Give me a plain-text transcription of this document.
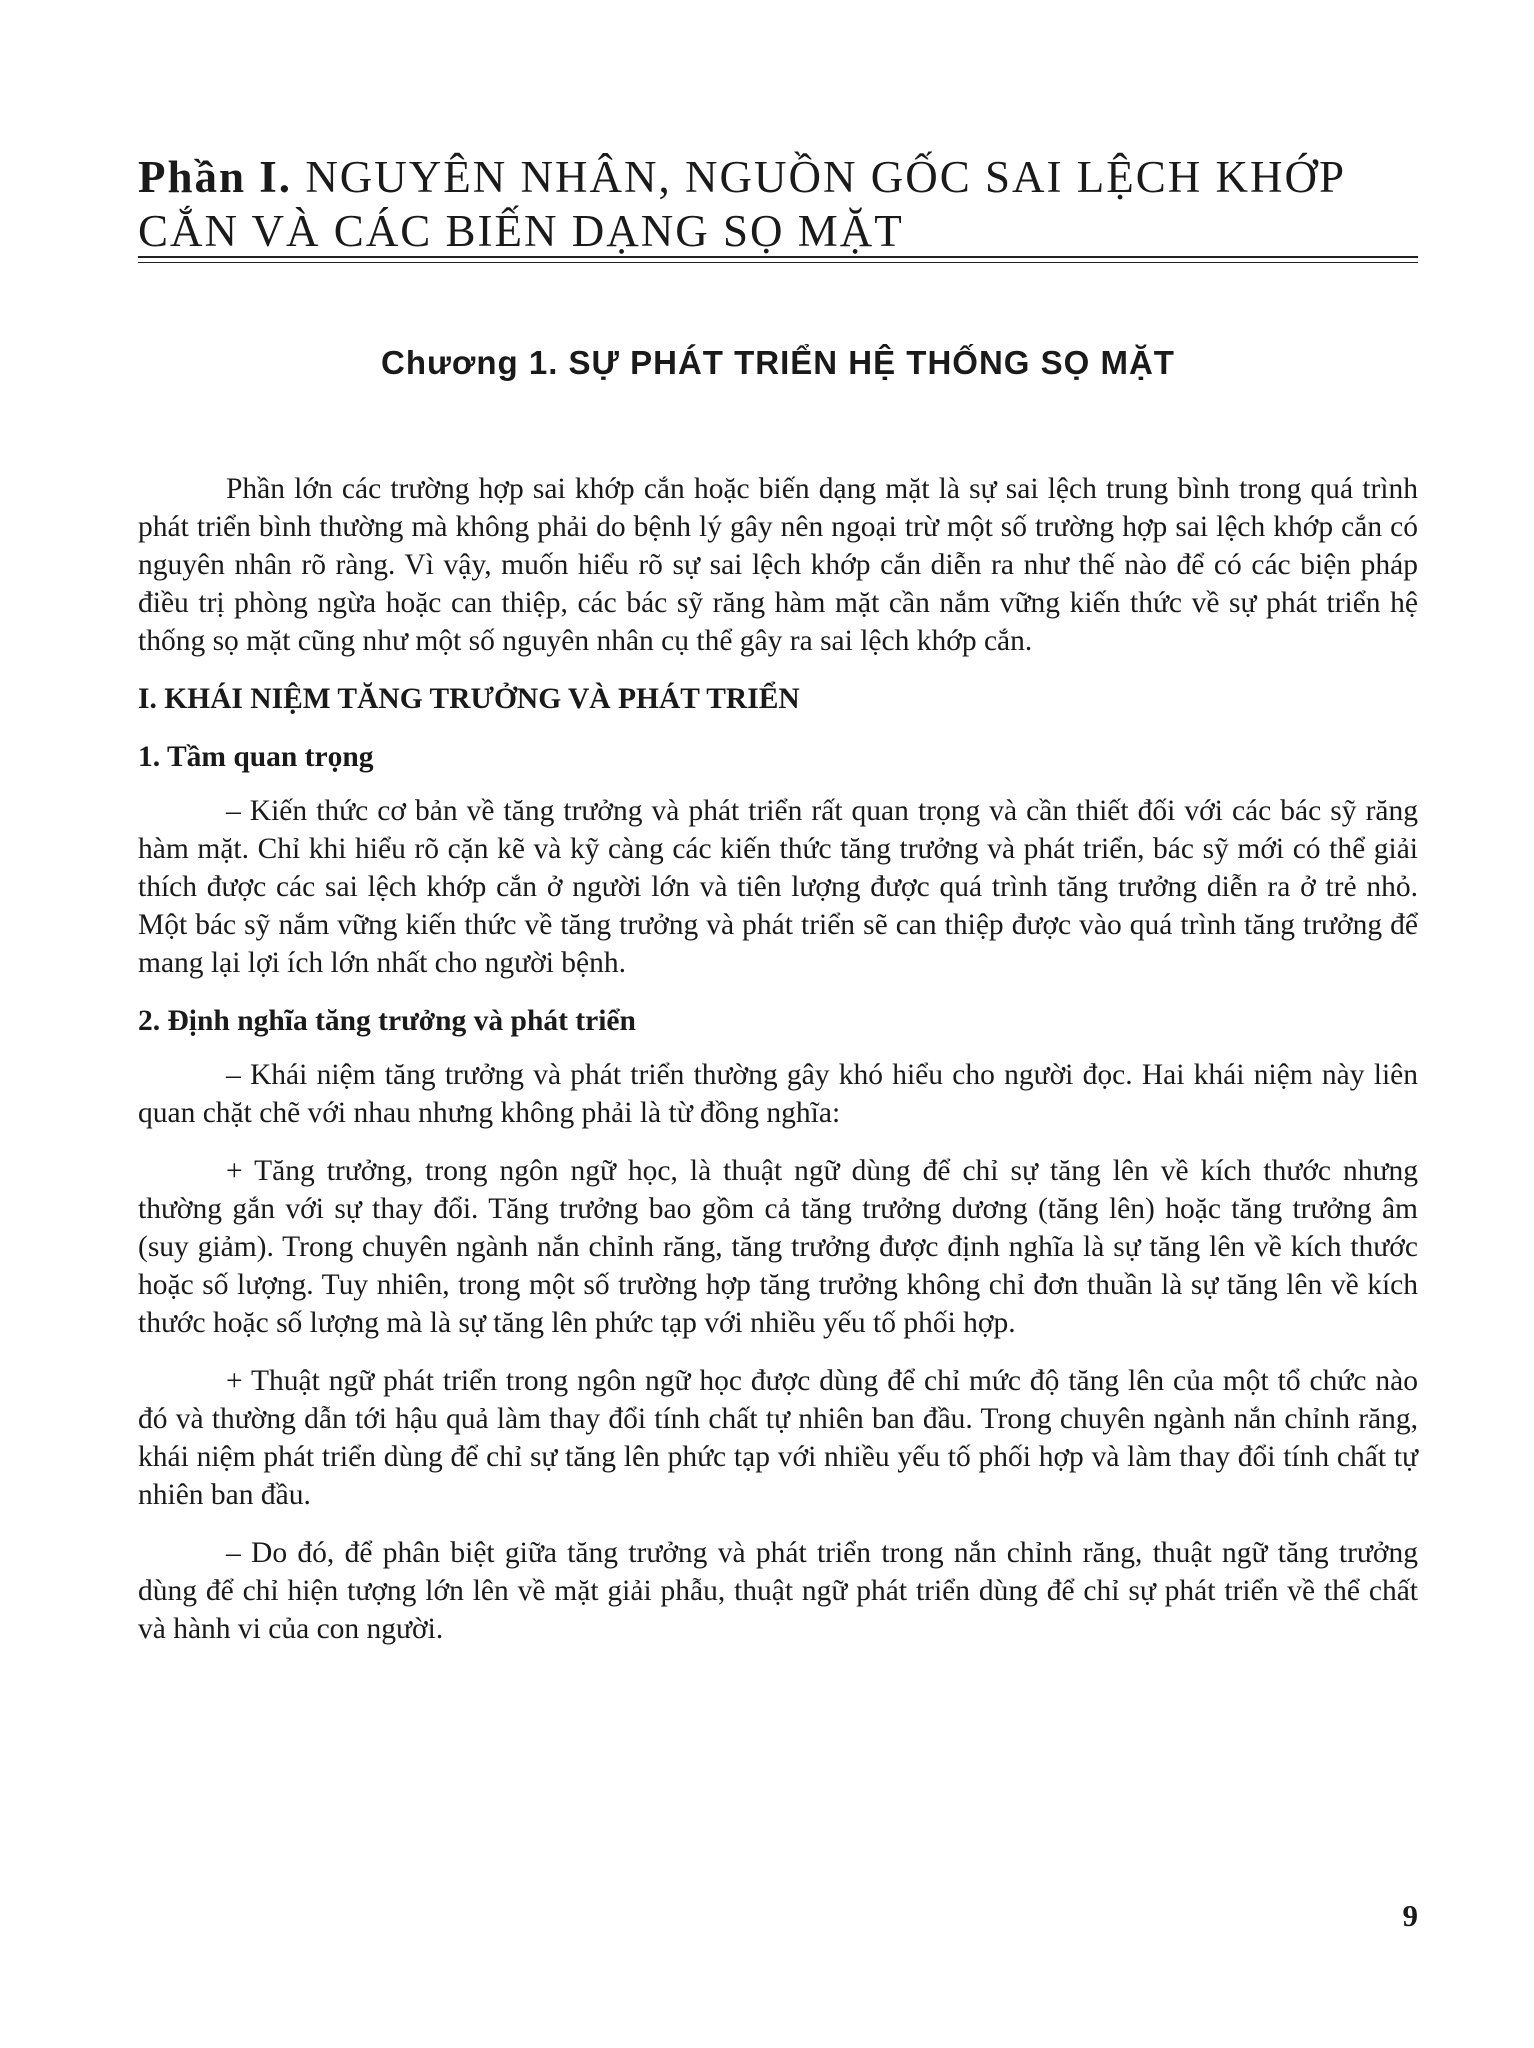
Phần I. NGUYÊN NHÂN, NGUỒN GỐC SAI LỆCH KHỚP CẮN VÀ CÁC BIẾN DẠNG SỌ MẶT
Chương 1. SỰ PHÁT TRIỂN HỆ THỐNG SỌ MẶT

Phần lớn các trường hợp sai khớp cắn hoặc biến dạng mặt là sự sai lệch trung bình trong quá trình phát triển bình thường mà không phải do bệnh lý gây nên ngoại trừ một số trường hợp sai lệch khớp cắn có nguyên nhân rõ ràng. Vì vậy, muốn hiểu rõ sự sai lệch khớp cắn diễn ra như thế nào để có các biện pháp điều trị phòng ngừa hoặc can thiệp, các bác sỹ răng hàm mặt cần nắm vững kiến thức về sự phát triển hệ thống sọ mặt cũng như một số nguyên nhân cụ thể gây ra sai lệch khớp cắn.

I. KHÁI NIỆM TĂNG TRƯỞNG VÀ PHÁT TRIỂN
1. Tầm quan trọng

– Kiến thức cơ bản về tăng trưởng và phát triển rất quan trọng và cần thiết đối với các bác sỹ răng hàm mặt. Chỉ khi hiểu rõ cặn kẽ và kỹ càng các kiến thức tăng trưởng và phát triển, bác sỹ mới có thể giải thích được các sai lệch khớp cắn ở người lớn và tiên lượng được quá trình tăng trưởng diễn ra ở trẻ nhỏ. Một bác sỹ nắm vững kiến thức về tăng trưởng và phát triển sẽ can thiệp được vào quá trình tăng trưởng để mang lại lợi ích lớn nhất cho người bệnh.

2. Định nghĩa tăng trưởng và phát triển

– Khái niệm tăng trưởng và phát triển thường gây khó hiểu cho người đọc. Hai khái niệm này liên quan chặt chẽ với nhau nhưng không phải là từ đồng nghĩa:

+ Tăng trưởng, trong ngôn ngữ học, là thuật ngữ dùng để chỉ sự tăng lên về kích thước nhưng thường gắn với sự thay đổi. Tăng trưởng bao gồm cả tăng trưởng dương (tăng lên) hoặc tăng trưởng âm (suy giảm). Trong chuyên ngành nắn chỉnh răng, tăng trưởng được định nghĩa là sự tăng lên về kích thước hoặc số lượng. Tuy nhiên, trong một số trường hợp tăng trưởng không chỉ đơn thuần là sự tăng lên về kích thước hoặc số lượng mà là sự tăng lên phức tạp với nhiều yếu tố phối hợp.

+ Thuật ngữ phát triển trong ngôn ngữ học được dùng để chỉ mức độ tăng lên của một tổ chức nào đó và thường dẫn tới hậu quả làm thay đổi tính chất tự nhiên ban đầu. Trong chuyên ngành nắn chỉnh răng, khái niệm phát triển dùng để chỉ sự tăng lên phức tạp với nhiều yếu tố phối hợp và làm thay đổi tính chất tự nhiên ban đầu.

– Do đó, để phân biệt giữa tăng trưởng và phát triển trong nắn chỉnh răng, thuật ngữ tăng trưởng dùng để chỉ hiện tượng lớn lên về mặt giải phẫu, thuật ngữ phát triển dùng để chỉ sự phát triển về thể chất và hành vi của con người.

9
